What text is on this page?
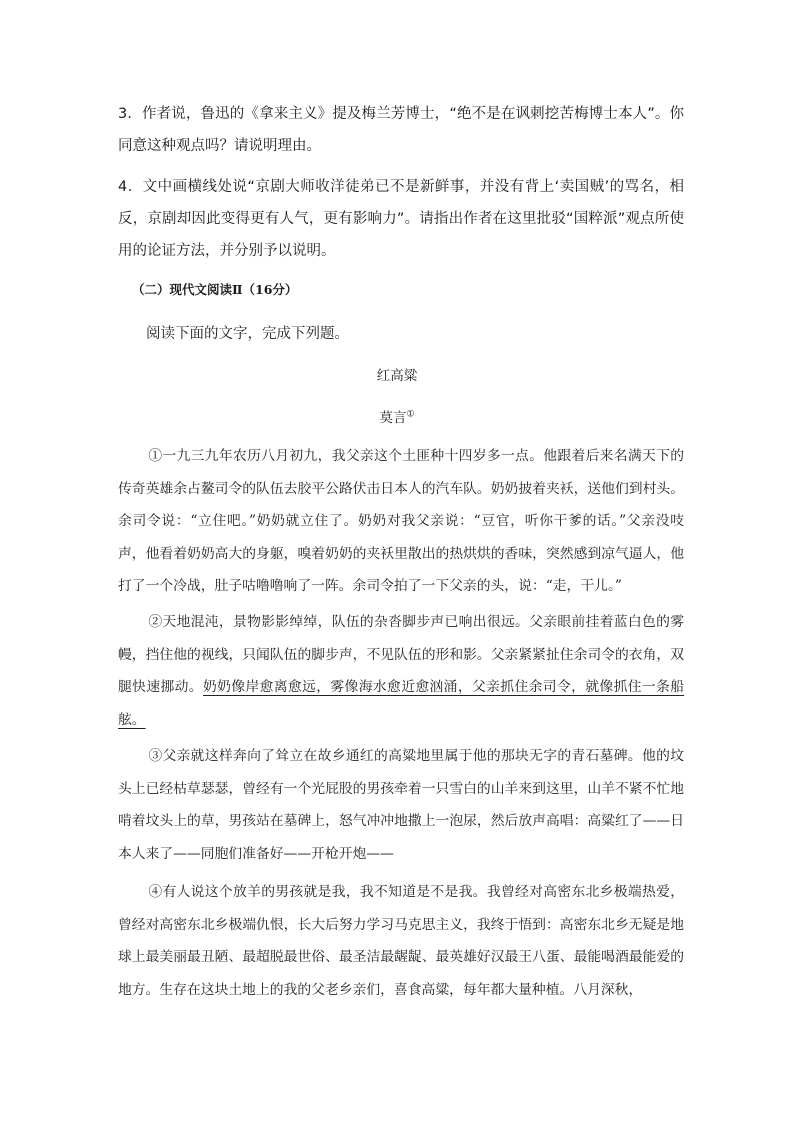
3．作者说，鲁迅的《拿来主义》提及梅兰芳博士，“绝不是在讽刺挖苦梅博士本人”。你同意这种观点吗？请说明理由。

4．文中画横线处说“京剧大师收洋徒弟已不是新鲜事，并没有背上‘卖国贼’的骂名，相反，京剧却因此变得更有人气，更有影响力”。请指出作者在这里批驳“国粹派”观点所使用的论证方法，并分别予以说明。

（二）现代文阅读Ⅱ（16分）
阅读下面的文字，完成下列题。
红高粱
莫言①

①一九三九年农历八月初九，我父亲这个土匪种十四岁多一点。他跟着后来名满天下的传奇英雄余占鳌司令的队伍去胶平公路伏击日本人的汽车队。奶奶披着夹袄，送他们到村头。余司令说：“立住吧。”奶奶就立住了。奶奶对我父亲说：“豆官，听你干爹的话。”父亲没吱声，他看着奶奶高大的身躯，嗅着奶奶的夹袄里散出的热烘烘的香味，突然感到凉气逼人，他打了一个冷战，肚子咕噜噜响了一阵。余司令拍了一下父亲的头，说：“走，干儿。”

②天地混沌，景物影影绰绰，队伍的杂沓脚步声已响出很远。父亲眼前挂着蓝白色的雾幔，挡住他的视线，只闻队伍的脚步声，不见队伍的形和影。父亲紧紧扯住余司令的衣角，双腿快速挪动。奶奶像岸愈离愈远，雾像海水愈近愈汹涌，父亲抓住余司令，就像抓住一条船舷。

③父亲就这样奔向了耸立在故乡通红的高粱地里属于他的那块无字的青石墓碑。他的坟头上已经枯草瑟瑟，曾经有一个光屁股的男孩牵着一只雪白的山羊来到这里，山羊不紧不忙地啃着坟头上的草，男孩站在墓碑上，怒气冲冲地撒上一泡尿，然后放声高唱：高粱红了——日本人来了——同胞们准备好——开枪开炮——

④有人说这个放羊的男孩就是我，我不知道是不是我。我曾经对高密东北乡极端热爱，曾经对高密东北乡极端仇恨，长大后努力学习马克思主义，我终于悟到：高密东北乡无疑是地球上最美丽最丑陋、最超脱最世俗、最圣洁最龌龊、最英雄好汉最王八蛋、最能喝酒最能爱的地方。生存在这块土地上的我的父老乡亲们，喜食高粱，每年都大量种植。八月深秋，
